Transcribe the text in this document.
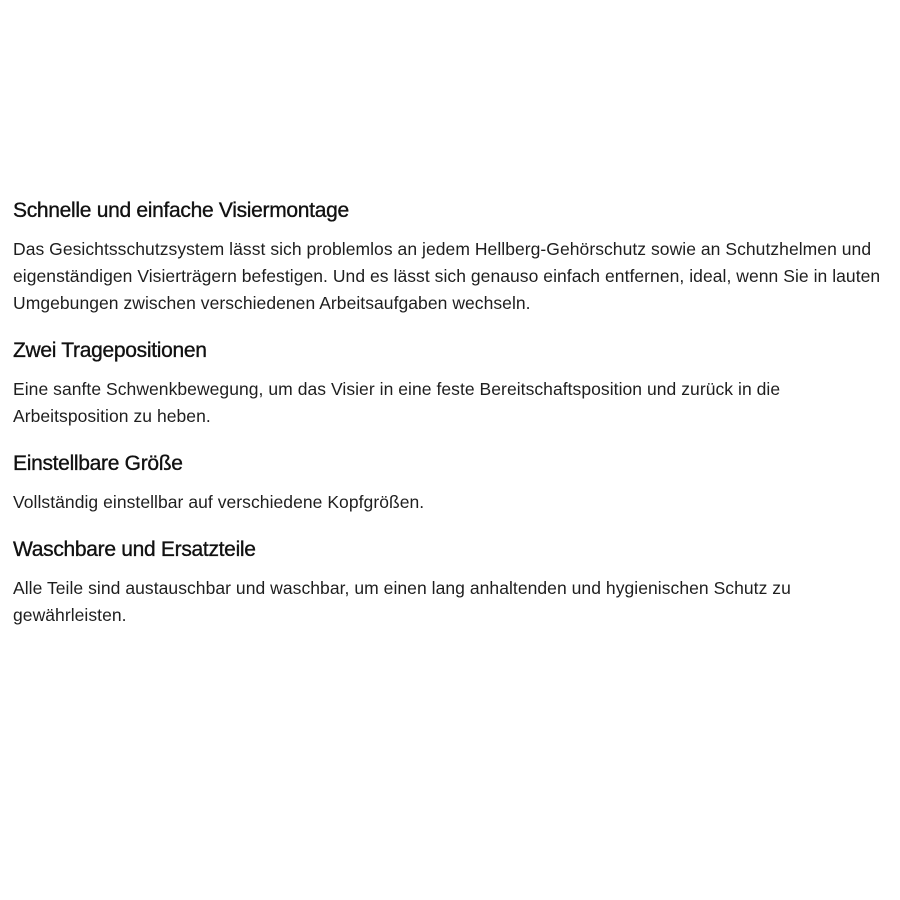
Schnelle und einfache Visiermontage

Das Gesichtsschutzsystem lässt sich problemlos an jedem Hellberg-Gehörschutz sowie an Schutzhelmen und eigenständigen Visierträgern befestigen. Und es lässt sich genauso einfach entfernen, ideal, wenn Sie in lauten Umgebungen zwischen verschiedenen Arbeitsaufgaben wechseln.

Zwei Tragepositionen

Eine sanfte Schwenkbewegung, um das Visier in eine feste Bereitschaftsposition und zurück in die Arbeitsposition zu heben.

Einstellbare Größe

Vollständig einstellbar auf verschiedene Kopfgrößen.

Waschbare und Ersatzteile

Alle Teile sind austauschbar und waschbar, um einen lang anhaltenden und hygienischen Schutz zu gewährleisten.
